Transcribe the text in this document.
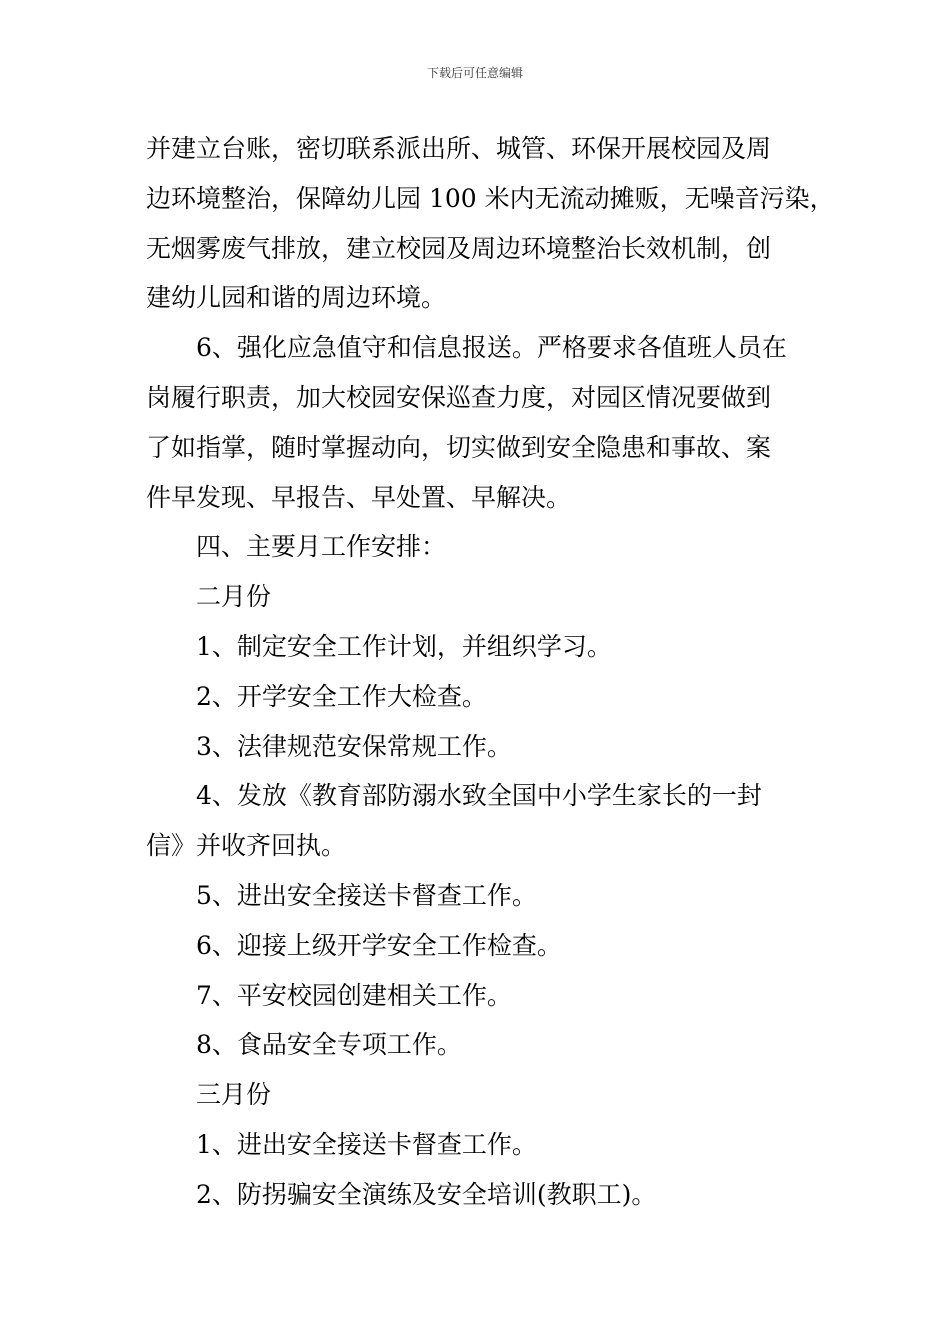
下载后可任意编辑

并建立台账，密切联系派出所、城管、环保开展校园及周

边环境整治，保障幼儿园 100 米内无流动摊贩，无噪音污染，

无烟雾废气排放，建立校园及周边环境整治长效机制，创

建幼儿园和谐的周边环境。

6、强化应急值守和信息报送。严格要求各值班人员在

岗履行职责，加大校园安保巡查力度，对园区情况要做到

了如指掌，随时掌握动向，切实做到安全隐患和事故、案

件早发现、早报告、早处置、早解决。

四、主要月工作安排：

二月份

1、制定安全工作计划，并组织学习。

2、开学安全工作大检查。

3、法律规范安保常规工作。

4、发放《教育部防溺水致全国中小学生家长的一封

信》并收齐回执。

5、进出安全接送卡督查工作。

6、迎接上级开学安全工作检查。

7、平安校园创建相关工作。

8、食品安全专项工作。

三月份

1、进出安全接送卡督查工作。

2、防拐骗安全演练及安全培训(教职工)。
